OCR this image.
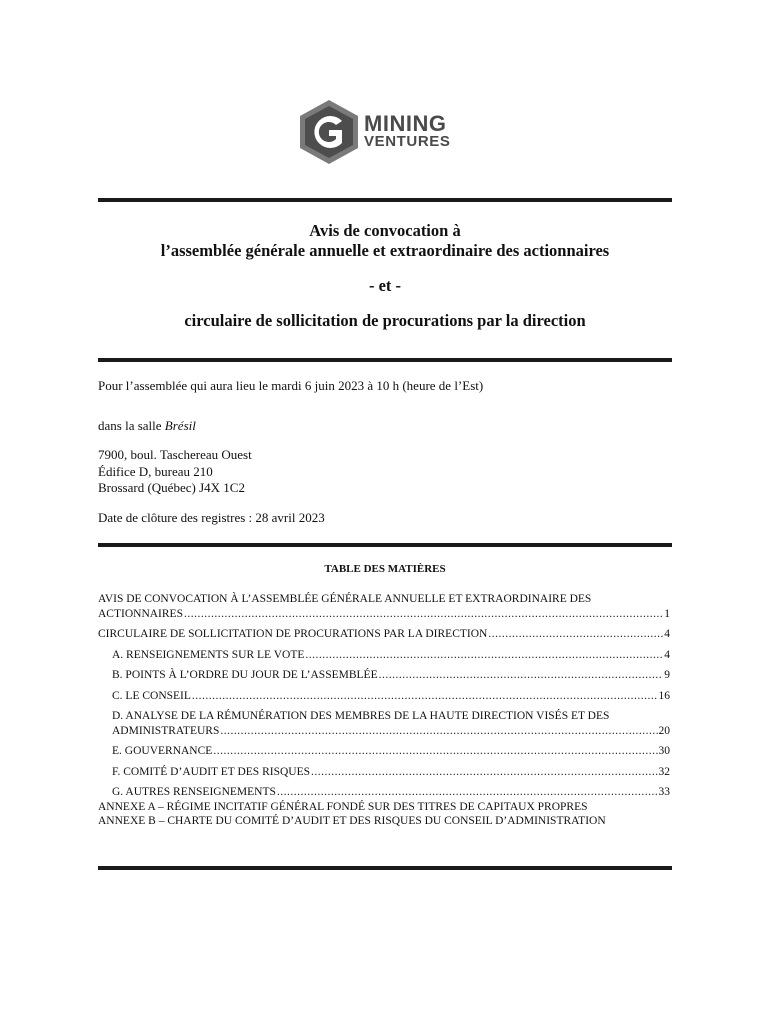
MINING
VENTURES
Avis de convocation à
l’assemblée générale annuelle et extraordinaire des actionnaires
- et -
circulaire de sollicitation de procurations par la direction
Pour l’assemblée qui aura lieu le mardi 6 juin 2023 à 10 h (heure de l’Est)
dans la salle Brésil
7900, boul. Taschereau Ouest
Édifice D, bureau 210
Brossard (Québec) J4X 1C2
Date de clôture des registres : 28 avril 2023
TABLE DES MATIÈRES
AVIS DE CONVOCATION À L’ASSEMBLÉE GÉNÉRALE ANNUELLE ET EXTRAORDINAIRE DES
ACTIONNAIRES .....	1
CIRCULAIRE DE SOLLICITATION DE PROCURATIONS PAR LA DIRECTION .....	4
A. RENSEIGNEMENTS SUR LE VOTE .....	4
B. POINTS À L’ORDRE DU JOUR DE L’ASSEMBLÉE .....	9
C. LE CONSEIL .....	16
D. ANALYSE DE LA RÉMUNÉRATION DES MEMBRES DE LA HAUTE DIRECTION VISÉS ET DES
ADMINISTRATEURS .....	20
E. GOUVERNANCE .....	30
F. COMITÉ D’AUDIT ET DES RISQUES .....	32
G. AUTRES RENSEIGNEMENTS .....	33
ANNEXE A – RÉGIME INCITATIF GÉNÉRAL FONDÉ SUR DES TITRES DE CAPITAUX PROPRES
ANNEXE B – CHARTE DU COMITÉ D’AUDIT ET DES RISQUES DU CONSEIL D’ADMINISTRATION
